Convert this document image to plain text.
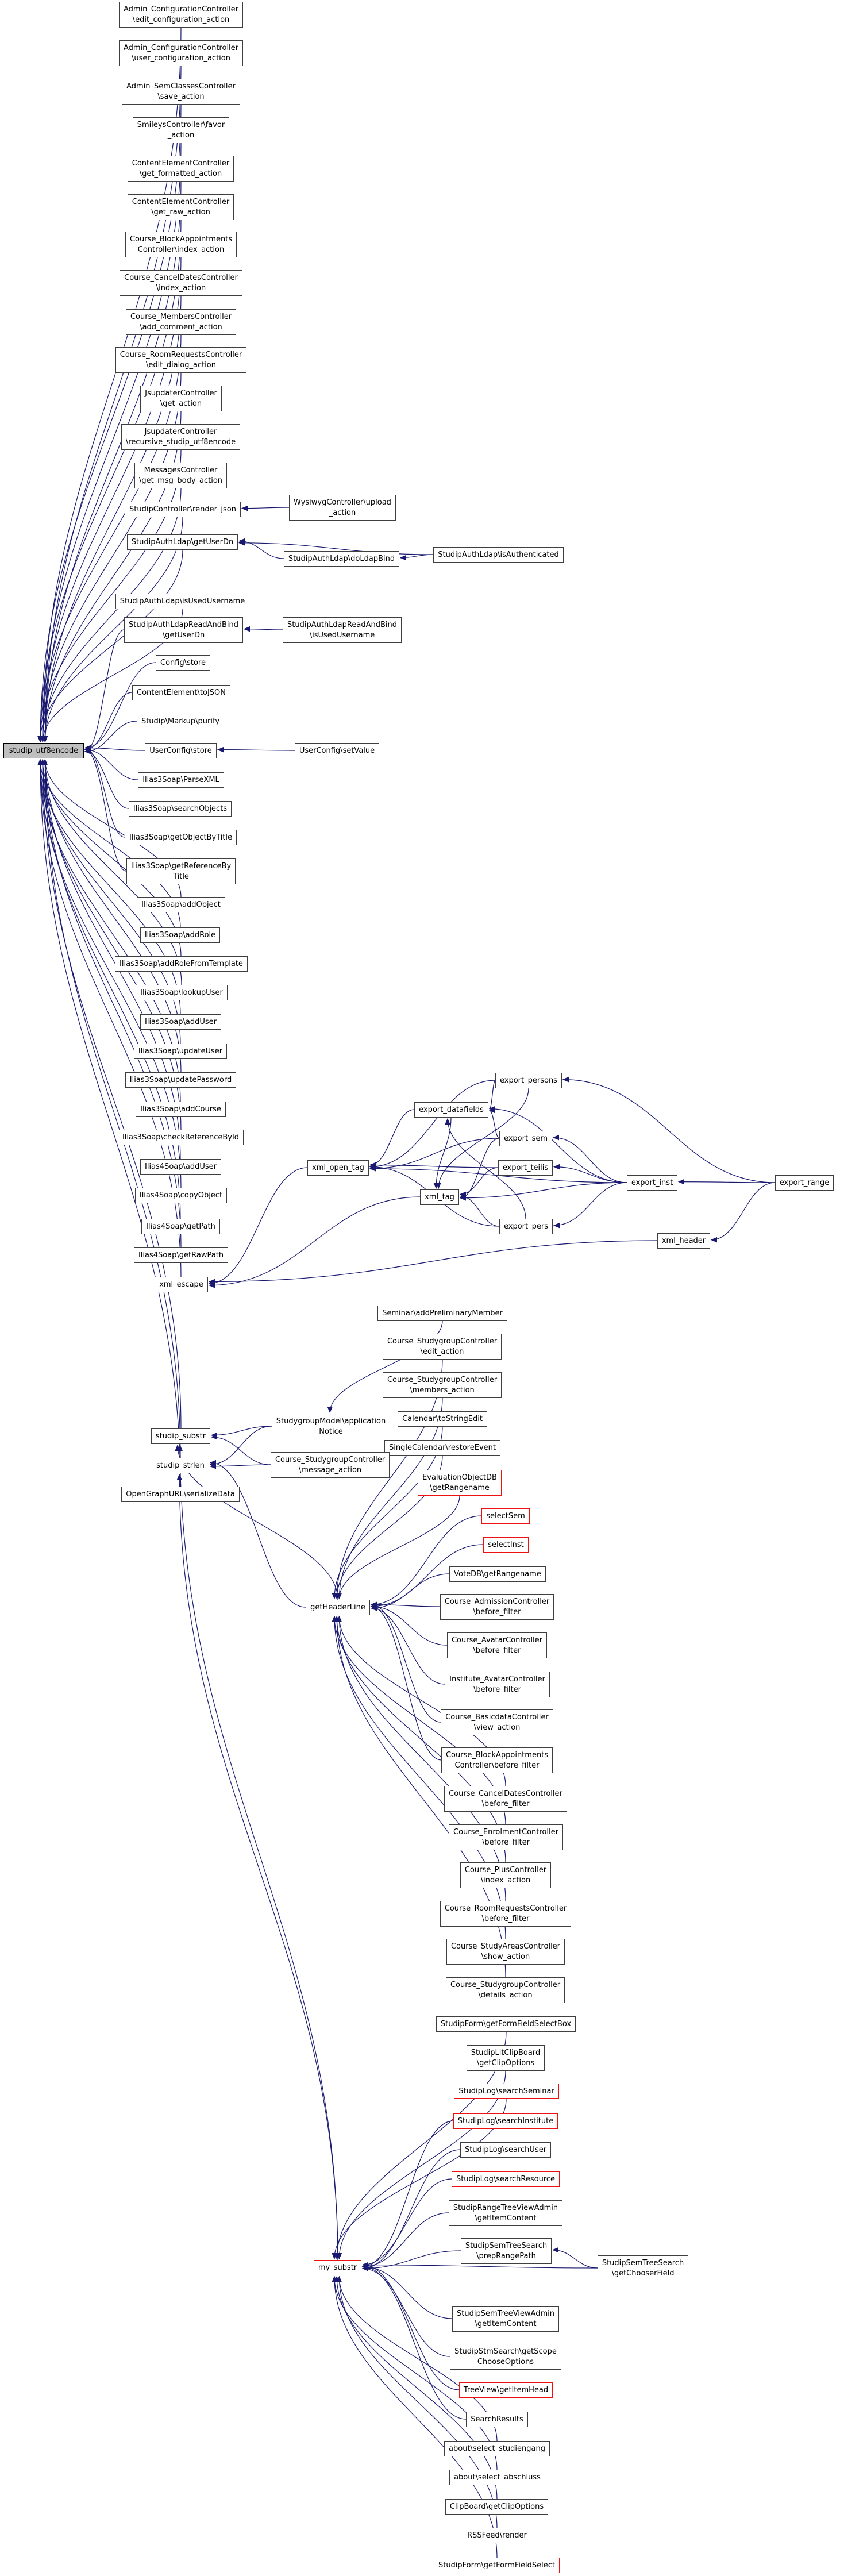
studip_utf8encode
Admin_ConfigurationController
\edit_configuration_action
Admin_ConfigurationController
\user_configuration_action
Admin_SemClassesController
\save_action
SmileysController\favor
_action
ContentElementController
\get_formatted_action
ContentElementController
\get_raw_action
Course_BlockAppointments
Controller\index_action
Course_CancelDatesController
\index_action
Course_MembersController
\add_comment_action
Course_RoomRequestsController
\edit_dialog_action
JsupdaterController
\get_action
JsupdaterController
\recursive_studip_utf8encode
MessagesController
\get_msg_body_action
StudipController\render_json
StudipAuthLdap\getUserDn
StudipAuthLdap\isUsedUsername
StudipAuthLdapReadAndBind
\getUserDn
Config\store
ContentElement\toJSON
Studip\Markup\purify
UserConfig\store
Ilias3Soap\ParseXML
Ilias3Soap\searchObjects
Ilias3Soap\getObjectByTitle
Ilias3Soap\getReferenceBy
Title
Ilias3Soap\addObject
Ilias3Soap\addRole
Ilias3Soap\addRoleFromTemplate
Ilias3Soap\lookupUser
Ilias3Soap\addUser
Ilias3Soap\updateUser
Ilias3Soap\updatePassword
Ilias3Soap\addCourse
Ilias3Soap\checkReferenceById
Ilias4Soap\addUser
Ilias4Soap\copyObject
Ilias4Soap\getPath
Ilias4Soap\getRawPath
xml_escape
studip_substr
studip_strlen
OpenGraphURL\serializeData
WysiwygController\upload
_action
StudipAuthLdap\doLdapBind	StudipAuthLdap\isAuthenticated
StudipAuthLdapReadAndBind
\isUsedUsername
UserConfig\setValue
export_persons
export_datafields
export_sem
xml_open_tag	export_teilis
export_inst	export_range
xml_tag
export_pers
xml_header
Seminar\addPreliminaryMember
Course_StudygroupController
\edit_action
Course_StudygroupController
\members_action
Calendar\toStringEdit
SingleCalendar\restoreEvent
EvaluationObjectDB
\getRangename
StudygroupModel\application
Notice
Course_StudygroupController
\message_action
getHeaderLine
selectSem
selectInst
VoteDB\getRangename
Course_AdmissionController
\before_filter
Course_AvatarController
\before_filter
Institute_AvatarController
\before_filter
Course_BasicdataController
\view_action
Course_BlockAppointments
Controller\before_filter
Course_CancelDatesController
\before_filter
Course_EnrolmentController
\before_filter
Course_PlusController
\index_action
Course_RoomRequestsController
\before_filter
Course_StudyAreasController
\show_action
Course_StudygroupController
\details_action
StudipForm\getFormFieldSelectBox
StudipLitClipBoard
\getClipOptions
StudipLog\searchSeminar
StudipLog\searchInstitute
StudipLog\searchUser
StudipLog\searchResource
StudipRangeTreeViewAdmin
\getItemContent
StudipSemTreeSearch
\prepRangePath
StudipSemTreeSearch
\getChooserField
StudipSemTreeViewAdmin
\getItemContent
StudipStmSearch\getScope
ChooseOptions
TreeView\getItemHead
SearchResults
about\select_studiengang
about\select_abschluss
ClipBoard\getClipOptions
RSSFeed\render
StudipForm\getFormFieldSelect
my_substr
